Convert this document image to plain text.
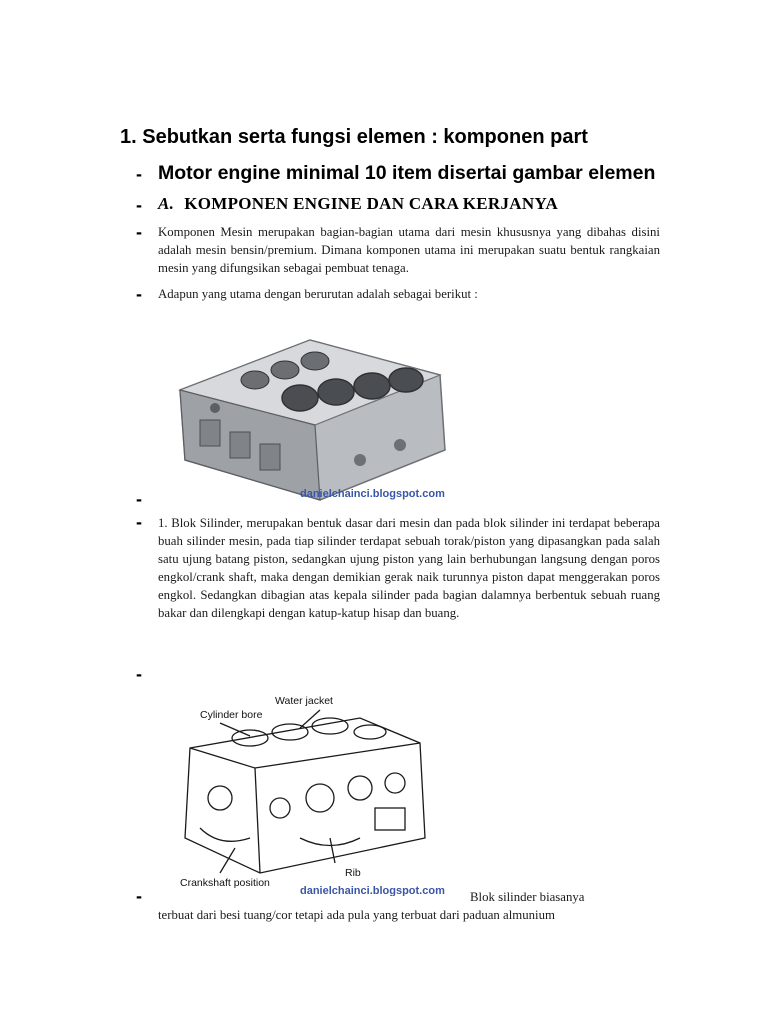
1. Sebutkan serta fungsi elemen : komponen part
- Motor engine minimal 10 item disertai gambar elemen
- A. KOMPONEN ENGINE DAN CARA KERJANYA
- Komponen Mesin merupakan bagian-bagian utama dari mesin khususnya yang dibahas disini adalah mesin bensin/premium. Dimana komponen utama ini merupakan suatu bentuk rangkaian mesin yang difungsikan sebagai pembuat tenaga.
- Adapun yang utama dengan berurutan adalah sebagai berikut :
danielchainci.blogspot.com
-
- 1. Blok Silinder, merupakan bentuk dasar dari mesin dan pada blok silinder ini terdapat beberapa buah silinder mesin, pada tiap silinder terdapat sebuah torak/piston yang dipasangkan pada salah satu ujung batang piston, sedangkan ujung piston yang lain berhubungan langsung dengan poros engkol/crank shaft, maka dengan demikian gerak naik turunnya piston dapat menggerakan poros engkol. Sedangkan dibagian atas kepala silinder pada bagian dalamnya berbentuk sebuah ruang bakar dan dilengkapi dengan katup-katup hisap dan buang.
-
Water jacket
Cylinder bore
Rib
Crankshaft position
danielchainci.blogspot.com
-	Blok silinder biasanya
terbuat dari besi tuang/cor tetapi ada pula yang terbuat dari paduan almunium
